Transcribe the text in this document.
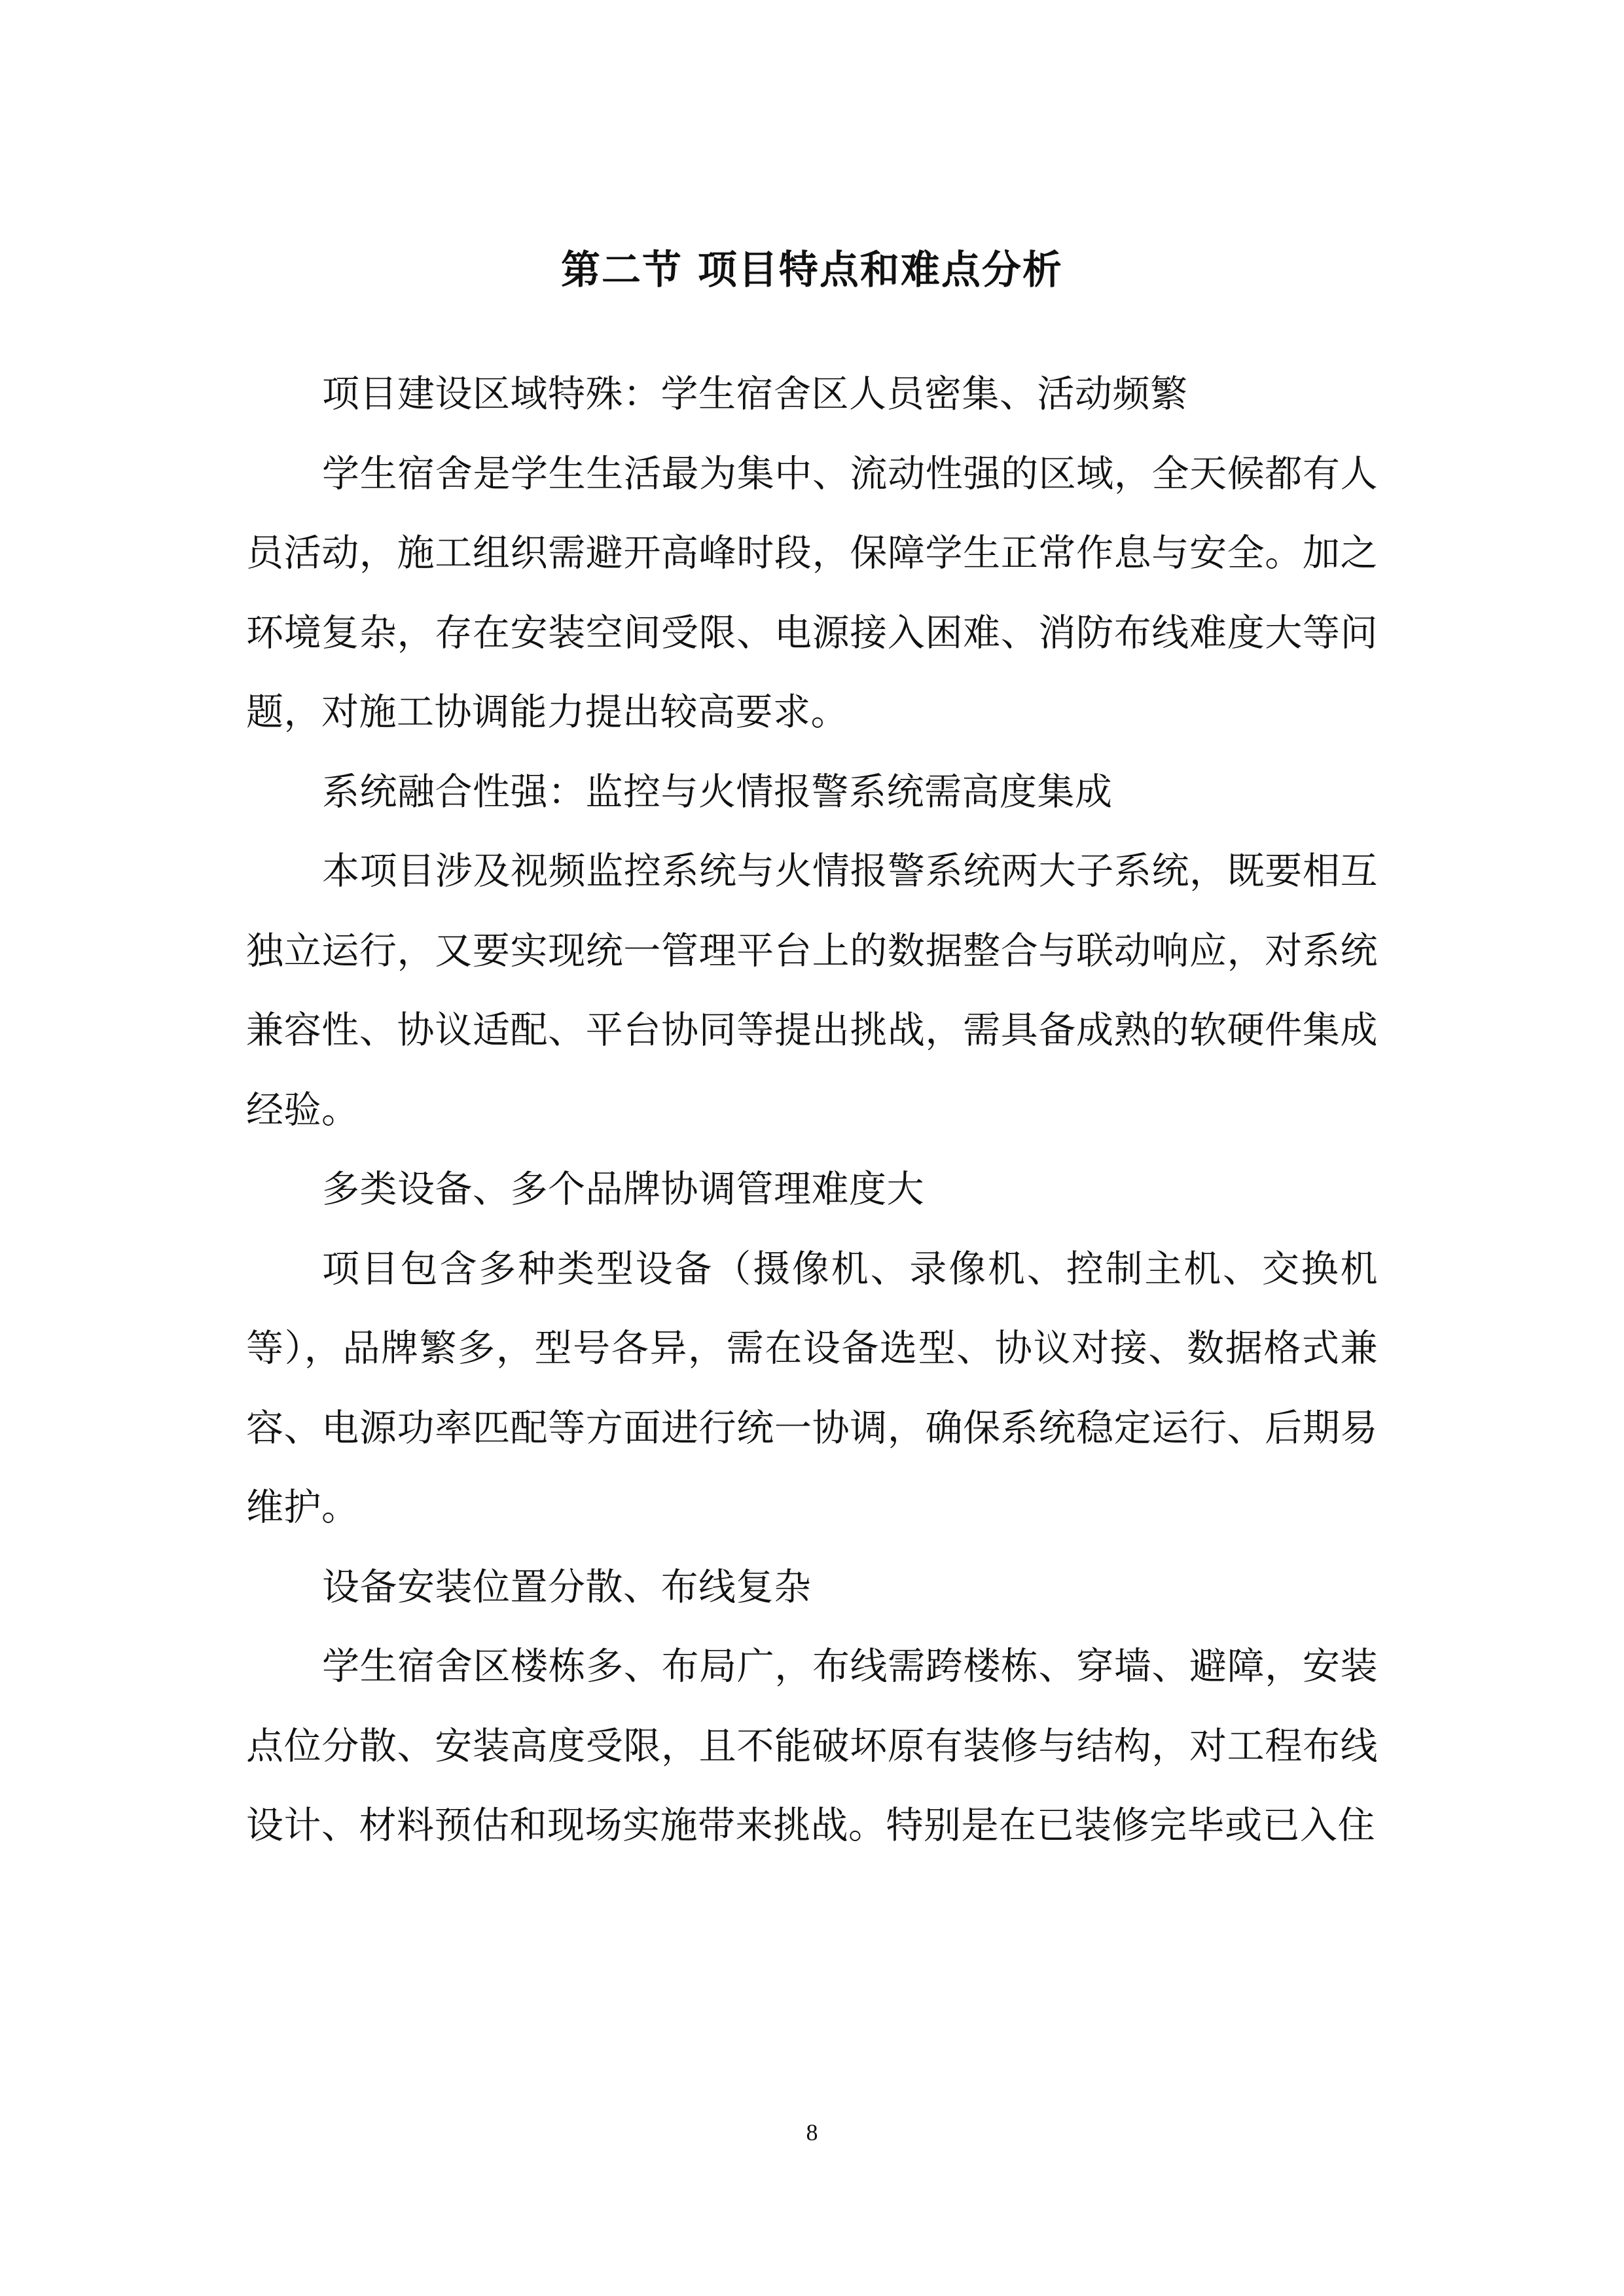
第二节 项目特点和难点分析

项目建设区域特殊：学生宿舍区人员密集、活动频繁

学生宿舍是学生生活最为集中、流动性强的区域，全天候都有人员活动，施工组织需避开高峰时段，保障学生正常作息与安全。加之环境复杂，存在安装空间受限、电源接入困难、消防布线难度大等问题，对施工协调能力提出较高要求。

系统融合性强：监控与火情报警系统需高度集成

本项目涉及视频监控系统与火情报警系统两大子系统，既要相互独立运行，又要实现统一管理平台上的数据整合与联动响应，对系统兼容性、协议适配、平台协同等提出挑战，需具备成熟的软硬件集成经验。

多类设备、多个品牌协调管理难度大

项目包含多种类型设备（摄像机、录像机、控制主机、交换机等），品牌繁多，型号各异，需在设备选型、协议对接、数据格式兼容、电源功率匹配等方面进行统一协调，确保系统稳定运行、后期易维护。

设备安装位置分散、布线复杂

学生宿舍区楼栋多、布局广，布线需跨楼栋、穿墙、避障，安装点位分散、安装高度受限，且不能破坏原有装修与结构，对工程布线设计、材料预估和现场实施带来挑战。特别是在已装修完毕或已入住

8
